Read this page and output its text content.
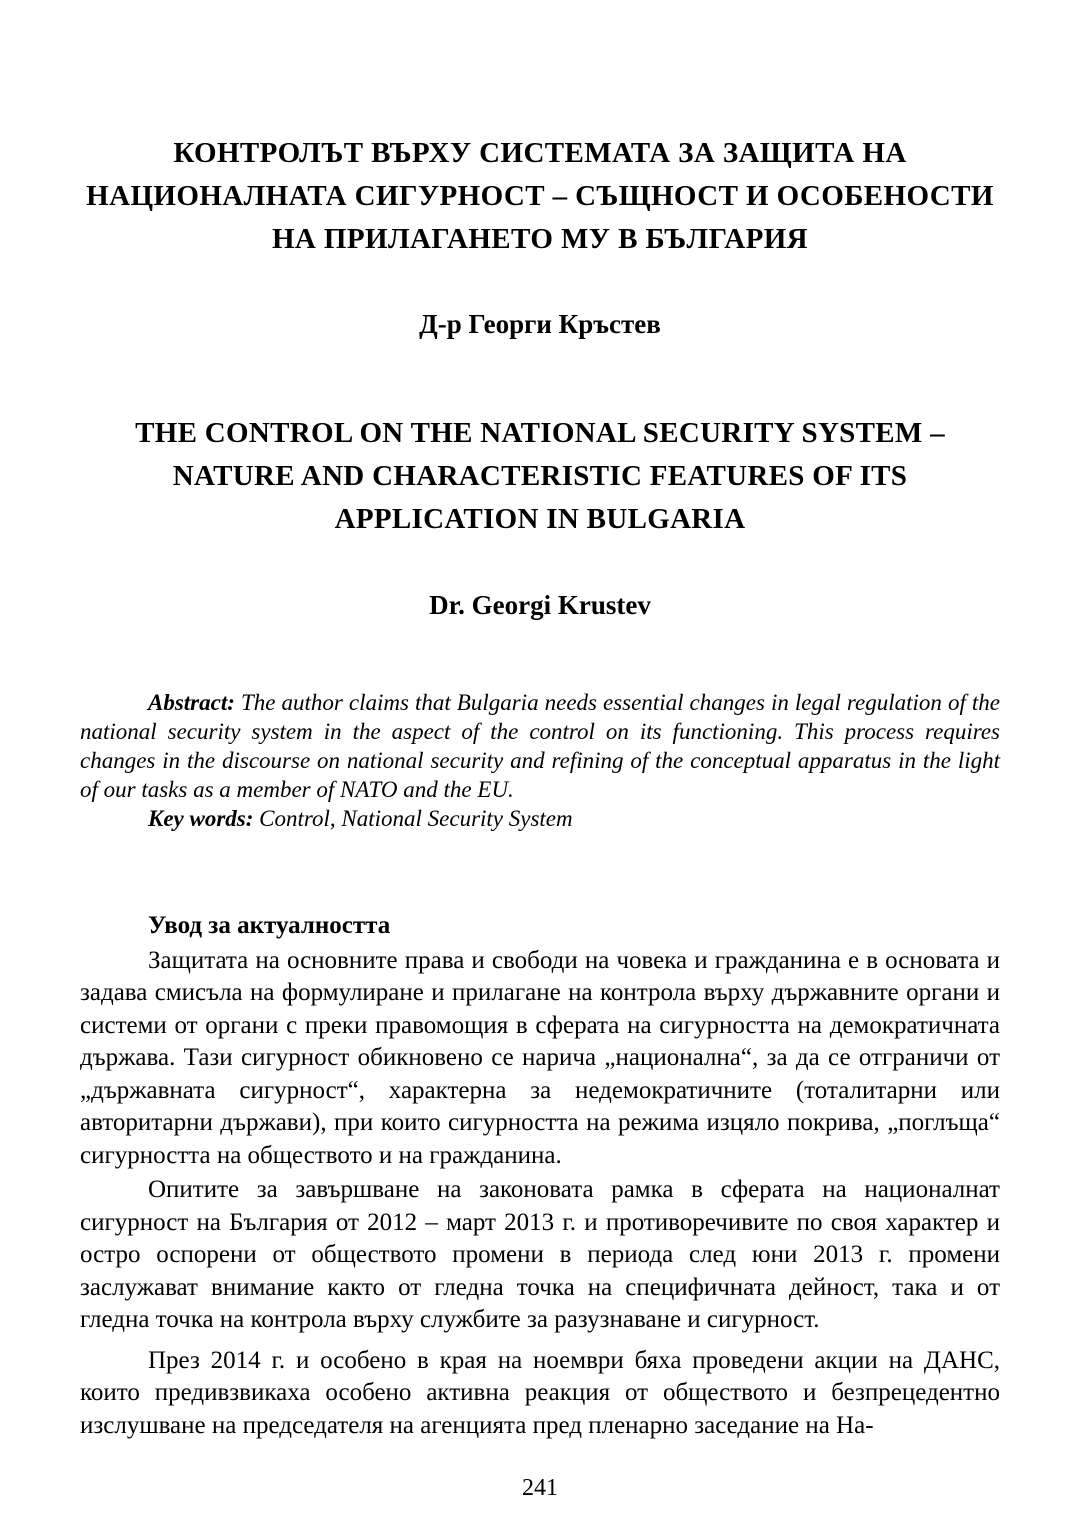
КОНТРОЛЪТ ВЪРХУ СИСТЕМАТА ЗА ЗАЩИТА НА НАЦИОНАЛНАТА СИГУРНОСТ – СЪЩНОСТ И ОСОБЕНОСТИ НА ПРИЛАГАНЕТО МУ В БЪЛГАРИЯ

Д-р Георги Кръстев

THE CONTROL ON THE NATIONAL SECURITY SYSTEM – NATURE AND CHARACTERISTIC FEATURES OF ITS APPLICATION IN BULGARIA

Dr. Georgi Krustev

Abstract: The author claims that Bulgaria needs essential changes in legal regulation of the national security system in the aspect of the control on its functioning. This process requires changes in the discourse on national security and refining of the conceptual apparatus in the light of our tasks as a member of NATO and the EU.

Key words: Control, National Security System

Увод за актуалността

Защитата на основните права и свободи на човека и гражданина е в основата и задава смисъла на формулиране и прилагане на контрола върху държавните органи и системи от органи с преки правомощия в сферата на сигурността на демократичната държава. Тази сигурност обикновено се нарича „национална“, за да се отграничи от „държавната сигурност“, характерна за недемократичните (тоталитарни или авторитарни държави), при които сигурността на режима изцяло покрива, „поглъща“ сигурността на обществото и на гражданина.

Опитите за завършване на законовата рамка в сферата на националнат сигурност на България от 2012 – март 2013 г. и противоречивите по своя характер и остро оспорени от обществото промени в периода след юни 2013 г. промени заслужават внимание както от гледна точка на специфичната дейност, така и от гледна точка на контрола върху службите за разузнаване и сигурност.

През 2014 г. и особено в края на ноември бяха проведени акции на ДАНС, които предивзвикаха особено активна реакция от обществото и безпрецедентно изслушване на председателя на агенцията пред пленарно заседание на На-

241
